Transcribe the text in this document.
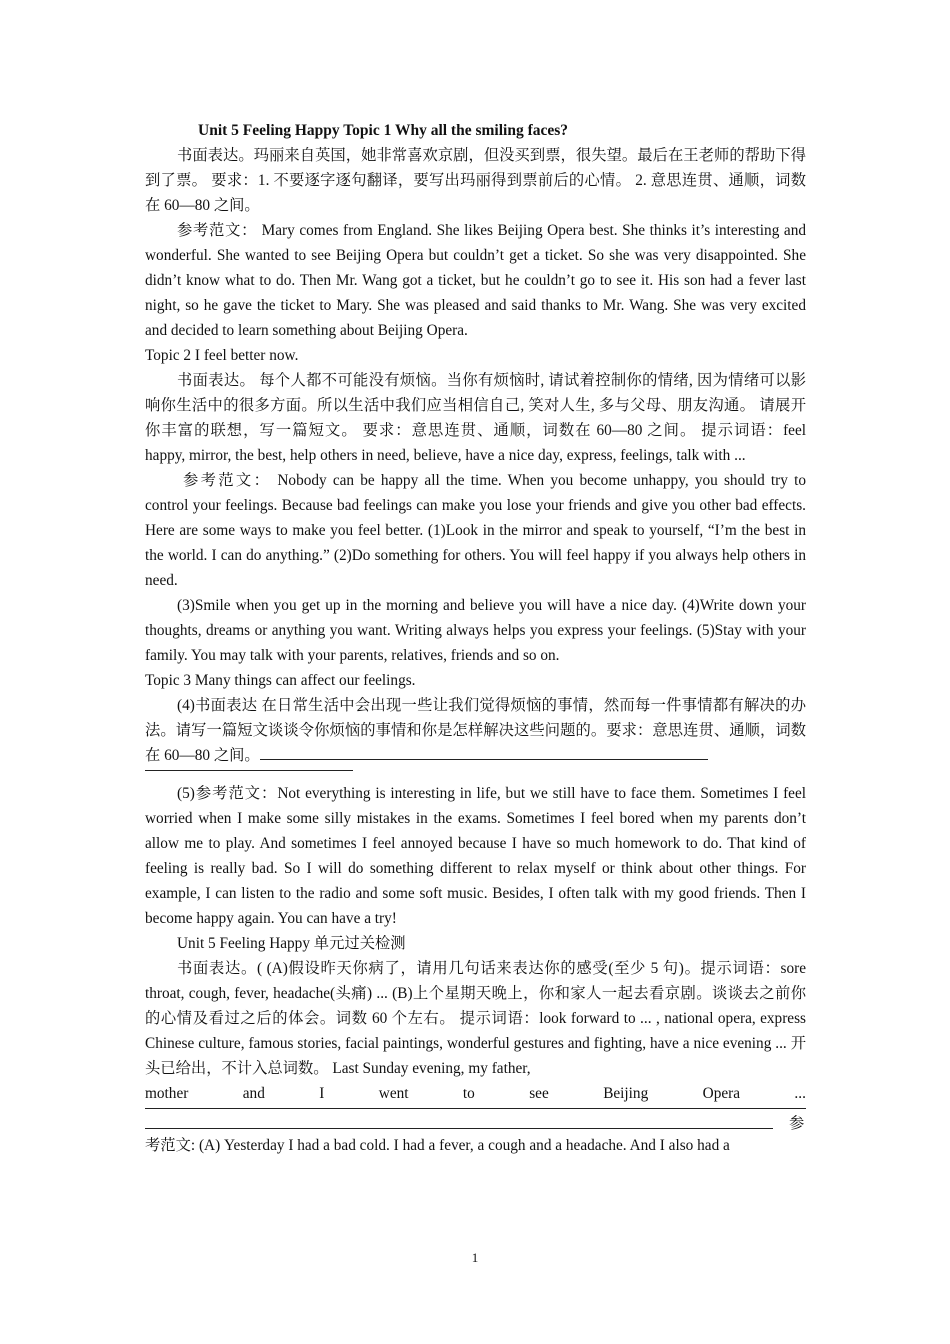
Unit 5 Feeling Happy Topic 1 Why all the smiling faces?

书面表达。玛丽来自英国，她非常喜欢京剧，但没买到票，很失望。最后在王老师的帮助下得到了票。 要求：1. 不要逐字逐句翻译，要写出玛丽得到票前后的心情。 2. 意思连贯、通顺，词数在 60—80 之间。

参考范文： Mary comes from England. She likes Beijing Opera best. She thinks it’s interesting and wonderful. She wanted to see Beijing Opera but couldn’t get a ticket. So she was very disappointed. She didn’t know what to do. Then Mr. Wang got a ticket, but he couldn’t go to see it. His son had a fever last night, so he gave the ticket to Mary. She was pleased and said thanks to Mr. Wang. She was very excited and decided to learn something about Beijing Opera.

Topic 2 I feel better now.

书面表达。 每个人都不可能没有烦恼。当你有烦恼时, 请试着控制你的情绪, 因为情绪可以影响你生活中的很多方面。所以生活中我们应当相信自己, 笑对人生, 多与父母、朋友沟通。 请展开你丰富的联想，写一篇短文。 要求：意思连贯、通顺，词数在 60—80 之间。 提示词语：feel happy, mirror, the best, help others in need, believe, have a nice day, express, feelings, talk with ...

参考范文： Nobody can be happy all the time. When you become unhappy, you should try to control your feelings. Because bad feelings can make you lose your friends and give you other bad effects. Here are some ways to make you feel better. (1)Look in the mirror and speak to yourself, “I’m the best in the world. I can do anything.” (2)Do something for others. You will feel happy if you always help others in need.

(3)Smile when you get up in the morning and believe you will have a nice day. (4)Write down your thoughts, dreams or anything you want. Writing always helps you express your feelings. (5)Stay with your family. You may talk with your parents, relatives, friends and so on.

Topic 3 Many things can affect our feelings.

(4)书面表达 在日常生活中会出现一些让我们觉得烦恼的事情，然而每一件事情都有解决的办法。请写一篇短文谈谈令你烦恼的事情和你是怎样解决这些问题的。要求：意思连贯、通顺，词数在 60—80 之间。

(5)参考范文：Not everything is interesting in life, but we still have to face them. Sometimes I feel worried when I make some silly mistakes in the exams. Sometimes I feel bored when my parents don’t allow me to play. And sometimes I feel annoyed because I have so much homework to do. That kind of feeling is really bad. So I will do something different to relax myself or think about other things. For example, I can listen to the radio and some soft music. Besides, I often talk with my good friends. Then I become happy again. You can have a try!

Unit 5 Feeling Happy 单元过关检测

书面表达。( (A)假设昨天你病了，请用几句话来表达你的感受(至少 5 句)。提示词语：sore throat, cough, fever, headache(头痛) ... (B)上个星期天晚上，你和家人一起去看京剧。谈谈去之前你的心情及看过之后的体会。词数 60 个左右。 提示词语：look forward to ... , national opera, express Chinese culture, famous stories, facial paintings, wonderful gestures and fighting, have a nice evening ... 开头已给出，不计入总词数。 Last Sunday evening, my father,

mother	and	I	went	to	see	Beijing	Opera	...
参

考范文: (A) Yesterday I had a bad cold. I had a fever, a cough and a headache. And I also had a

1
